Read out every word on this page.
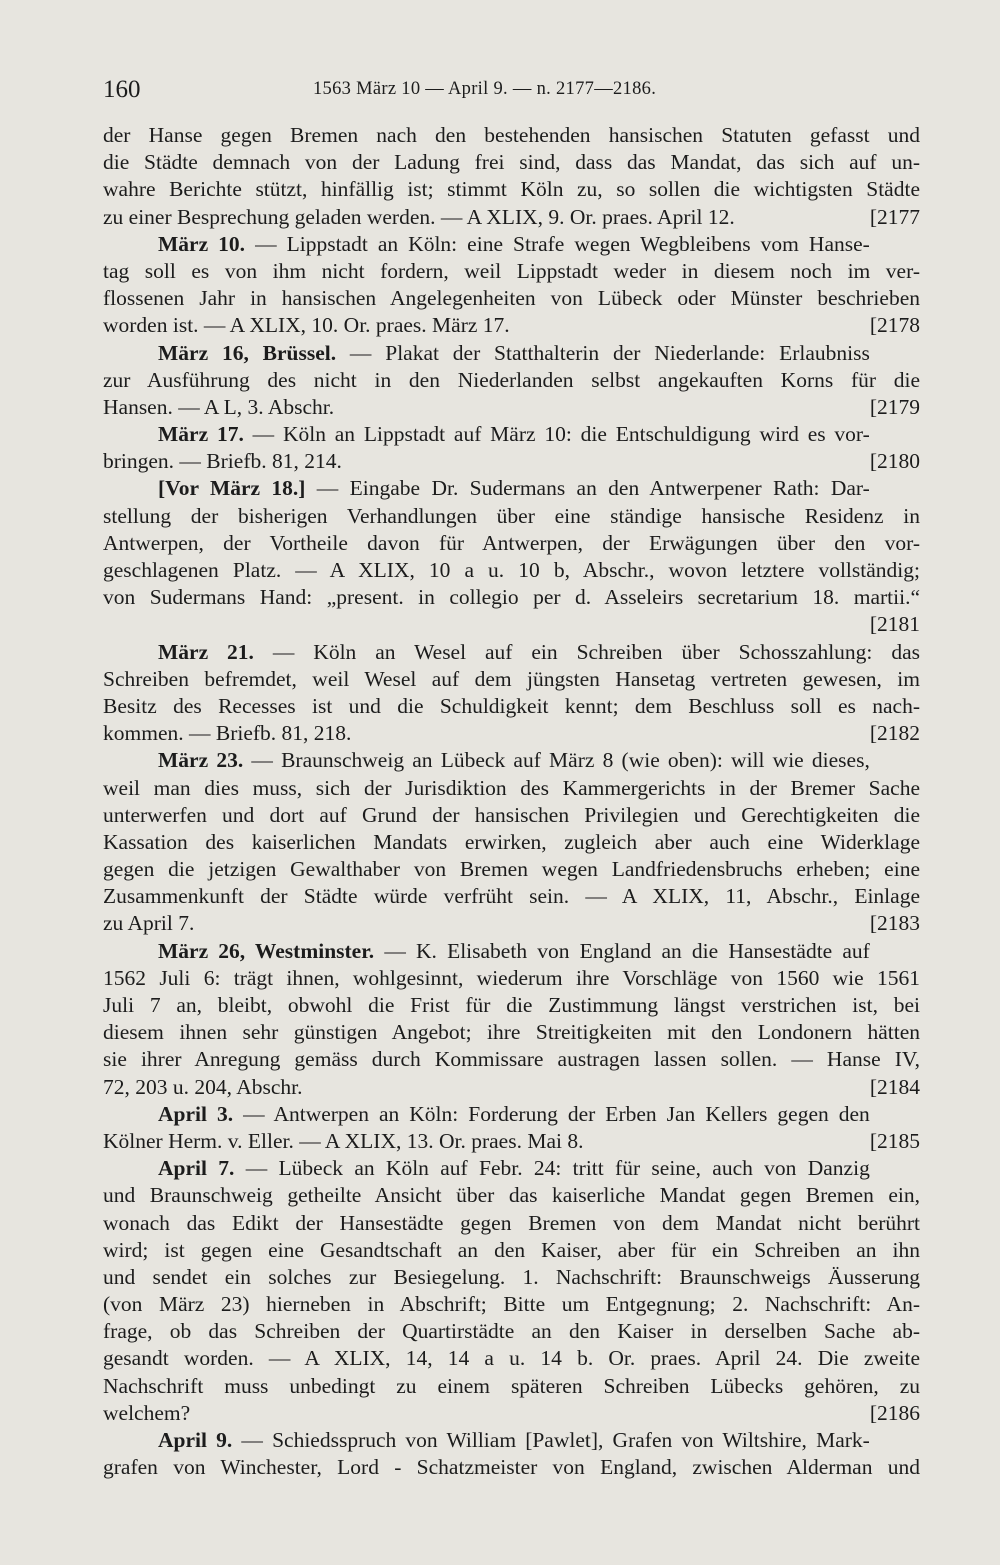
160	1563 März 10 — April 9. — n. 2177—2186.
der Hanse gegen Bremen nach den bestehenden hansischen Statuten gefasst und
die Städte demnach von der Ladung frei sind, dass das Mandat, das sich auf un-
wahre Berichte stützt, hinfällig ist; stimmt Köln zu, so sollen die wichtigsten Städte
zu einer Besprechung geladen werden. — A XLIX, 9. Or. praes. April 12.	[2177
März 10. — Lippstadt an Köln: eine Strafe wegen Wegbleibens vom Hanse-
tag soll es von ihm nicht fordern, weil Lippstadt weder in diesem noch im ver-
flossenen Jahr in hansischen Angelegenheiten von Lübeck oder Münster beschrieben
worden ist. — A XLIX, 10. Or. praes. März 17.	[2178
März 16, Brüssel. — Plakat der Statthalterin der Niederlande: Erlaubniss
zur Ausführung des nicht in den Niederlanden selbst angekauften Korns für die
Hansen. — A L, 3. Abschr.	[2179
März 17. — Köln an Lippstadt auf März 10: die Entschuldigung wird es vor-
bringen. — Briefb. 81, 214.	[2180
[Vor März 18.] — Eingabe Dr. Sudermans an den Antwerpener Rath: Dar-
stellung der bisherigen Verhandlungen über eine ständige hansische Residenz in
Antwerpen, der Vortheile davon für Antwerpen, der Erwägungen über den vor-
geschlagenen Platz. — A XLIX, 10 a u. 10 b, Abschr., wovon letztere vollständig;
von Sudermans Hand: „present. in collegio per d. Asseleirs secretarium 18. martii.“
[2181
März 21. — Köln an Wesel auf ein Schreiben über Schosszahlung: das
Schreiben befremdet, weil Wesel auf dem jüngsten Hansetag vertreten gewesen, im
Besitz des Recesses ist und die Schuldigkeit kennt; dem Beschluss soll es nach-
kommen. — Briefb. 81, 218.	[2182
März 23. — Braunschweig an Lübeck auf März 8 (wie oben): will wie dieses,
weil man dies muss, sich der Jurisdiktion des Kammergerichts in der Bremer Sache
unterwerfen und dort auf Grund der hansischen Privilegien und Gerechtigkeiten die
Kassation des kaiserlichen Mandats erwirken, zugleich aber auch eine Widerklage
gegen die jetzigen Gewalthaber von Bremen wegen Landfriedensbruchs erheben; eine
Zusammenkunft der Städte würde verfrüht sein. — A XLIX, 11, Abschr., Einlage
zu April 7.	[2183
März 26, Westminster. — K. Elisabeth von England an die Hansestädte auf
1562 Juli 6: trägt ihnen, wohlgesinnt, wiederum ihre Vorschläge von 1560 wie 1561
Juli 7 an, bleibt, obwohl die Frist für die Zustimmung längst verstrichen ist, bei
diesem ihnen sehr günstigen Angebot; ihre Streitigkeiten mit den Londonern hätten
sie ihrer Anregung gemäss durch Kommissare austragen lassen sollen. — Hanse IV,
72, 203 u. 204, Abschr.	[2184
April 3. — Antwerpen an Köln: Forderung der Erben Jan Kellers gegen den
Kölner Herm. v. Eller. — A XLIX, 13. Or. praes. Mai 8.	[2185
April 7. — Lübeck an Köln auf Febr. 24: tritt für seine, auch von Danzig
und Braunschweig getheilte Ansicht über das kaiserliche Mandat gegen Bremen ein,
wonach das Edikt der Hansestädte gegen Bremen von dem Mandat nicht berührt
wird; ist gegen eine Gesandtschaft an den Kaiser, aber für ein Schreiben an ihn
und sendet ein solches zur Besiegelung. 1. Nachschrift: Braunschweigs Äusserung
(von März 23) hierneben in Abschrift; Bitte um Entgegnung; 2. Nachschrift: An-
frage, ob das Schreiben der Quartirstädte an den Kaiser in derselben Sache ab-
gesandt worden. — A XLIX, 14, 14 a u. 14 b. Or. praes. April 24. Die zweite
Nachschrift muss unbedingt zu einem späteren Schreiben Lübecks gehören, zu
welchem?	[2186
April 9. — Schiedsspruch von William [Pawlet], Grafen von Wiltshire, Mark-
grafen von Winchester, Lord - Schatzmeister von England, zwischen Alderman und
